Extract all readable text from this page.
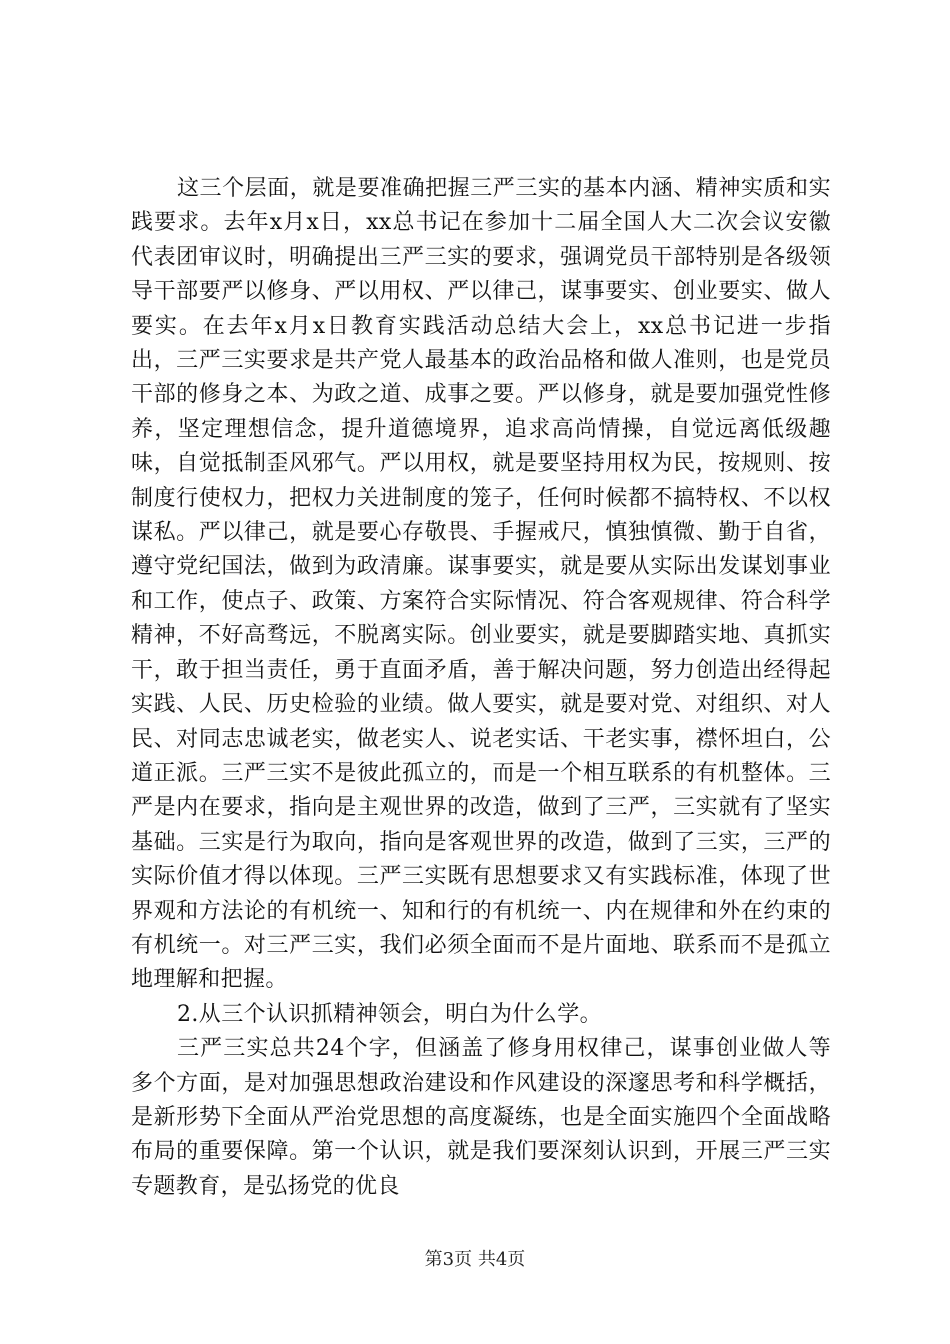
这三个层面，就是要准确把握三严三实的基本内涵、精神实质和实践要求。去年x月x日，xx总书记在参加十二届全国人大二次会议安徽代表团审议时，明确提出三严三实的要求，强调党员干部特别是各级领导干部要严以修身、严以用权、严以律己，谋事要实、创业要实、做人要实。在去年x月x日教育实践活动总结大会上，xx总书记进一步指出，三严三实要求是共产党人最基本的政治品格和做人准则，也是党员干部的修身之本、为政之道、成事之要。严以修身，就是要加强党性修养，坚定理想信念，提升道德境界，追求高尚情操，自觉远离低级趣味，自觉抵制歪风邪气。严以用权，就是要坚持用权为民，按规则、按制度行使权力，把权力关进制度的笼子，任何时候都不搞特权、不以权谋私。严以律己，就是要心存敬畏、手握戒尺，慎独慎微、勤于自省，遵守党纪国法，做到为政清廉。谋事要实，就是要从实际出发谋划事业和工作，使点子、政策、方案符合实际情况、符合客观规律、符合科学精神，不好高骛远，不脱离实际。创业要实，就是要脚踏实地、真抓实干，敢于担当责任，勇于直面矛盾，善于解决问题，努力创造出经得起实践、人民、历史检验的业绩。做人要实，就是要对党、对组织、对人民、对同志忠诚老实，做老实人、说老实话、干老实事，襟怀坦白，公道正派。三严三实不是彼此孤立的，而是一个相互联系的有机整体。三严是内在要求，指向是主观世界的改造，做到了三严，三实就有了坚实基础。三实是行为取向，指向是客观世界的改造，做到了三实，三严的实际价值才得以体现。三严三实既有思想要求又有实践标准，体现了世界观和方法论的有机统一、知和行的有机统一、内在规律和外在约束的有机统一。对三严三实，我们必须全面而不是片面地、联系而不是孤立地理解和把握。

2.从三个认识抓精神领会，明白为什么学。

三严三实总共24个字，但涵盖了修身用权律己，谋事创业做人等多个方面，是对加强思想政治建设和作风建设的深邃思考和科学概括，是新形势下全面从严治党思想的高度凝练，也是全面实施四个全面战略布局的重要保障。第一个认识，就是我们要深刻认识到，开展三严三实专题教育，是弘扬党的优良

第3页 共4页
